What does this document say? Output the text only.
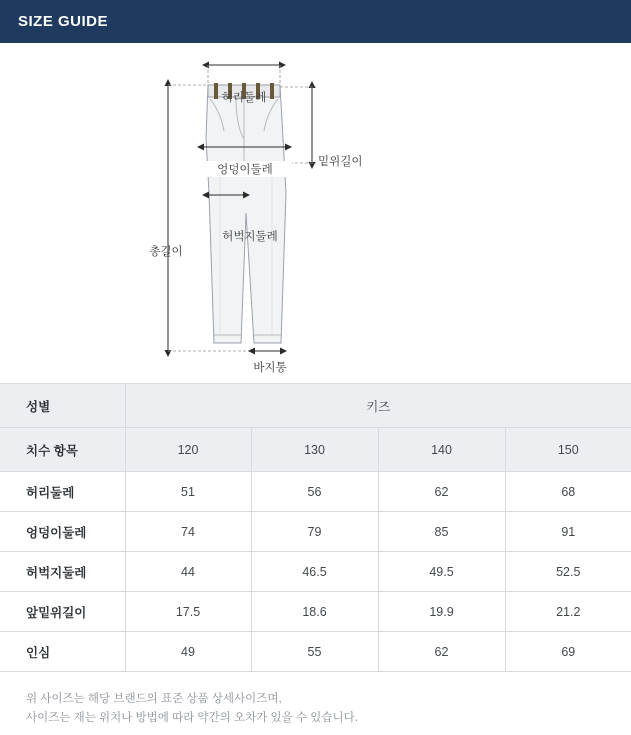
SIZE GUIDE
허리둘레
엉덩이둘레
허벅지둘레
밑위길이
총길이
바지통
성별	키즈			
치수 항목	120	130	140	150
허리둘레	51	56	62	68
엉덩이둘레	74	79	85	91
허벅지둘레	44	46.5	49.5	52.5
앞밑위길이	17.5	18.6	19.9	21.2
인심	49	55	62	69
위 사이즈는 해당 브랜드의 표준 상품 상세사이즈며,
사이즈는 재는 위치나 방법에 따라 약간의 오차가 있을 수 있습니다.
